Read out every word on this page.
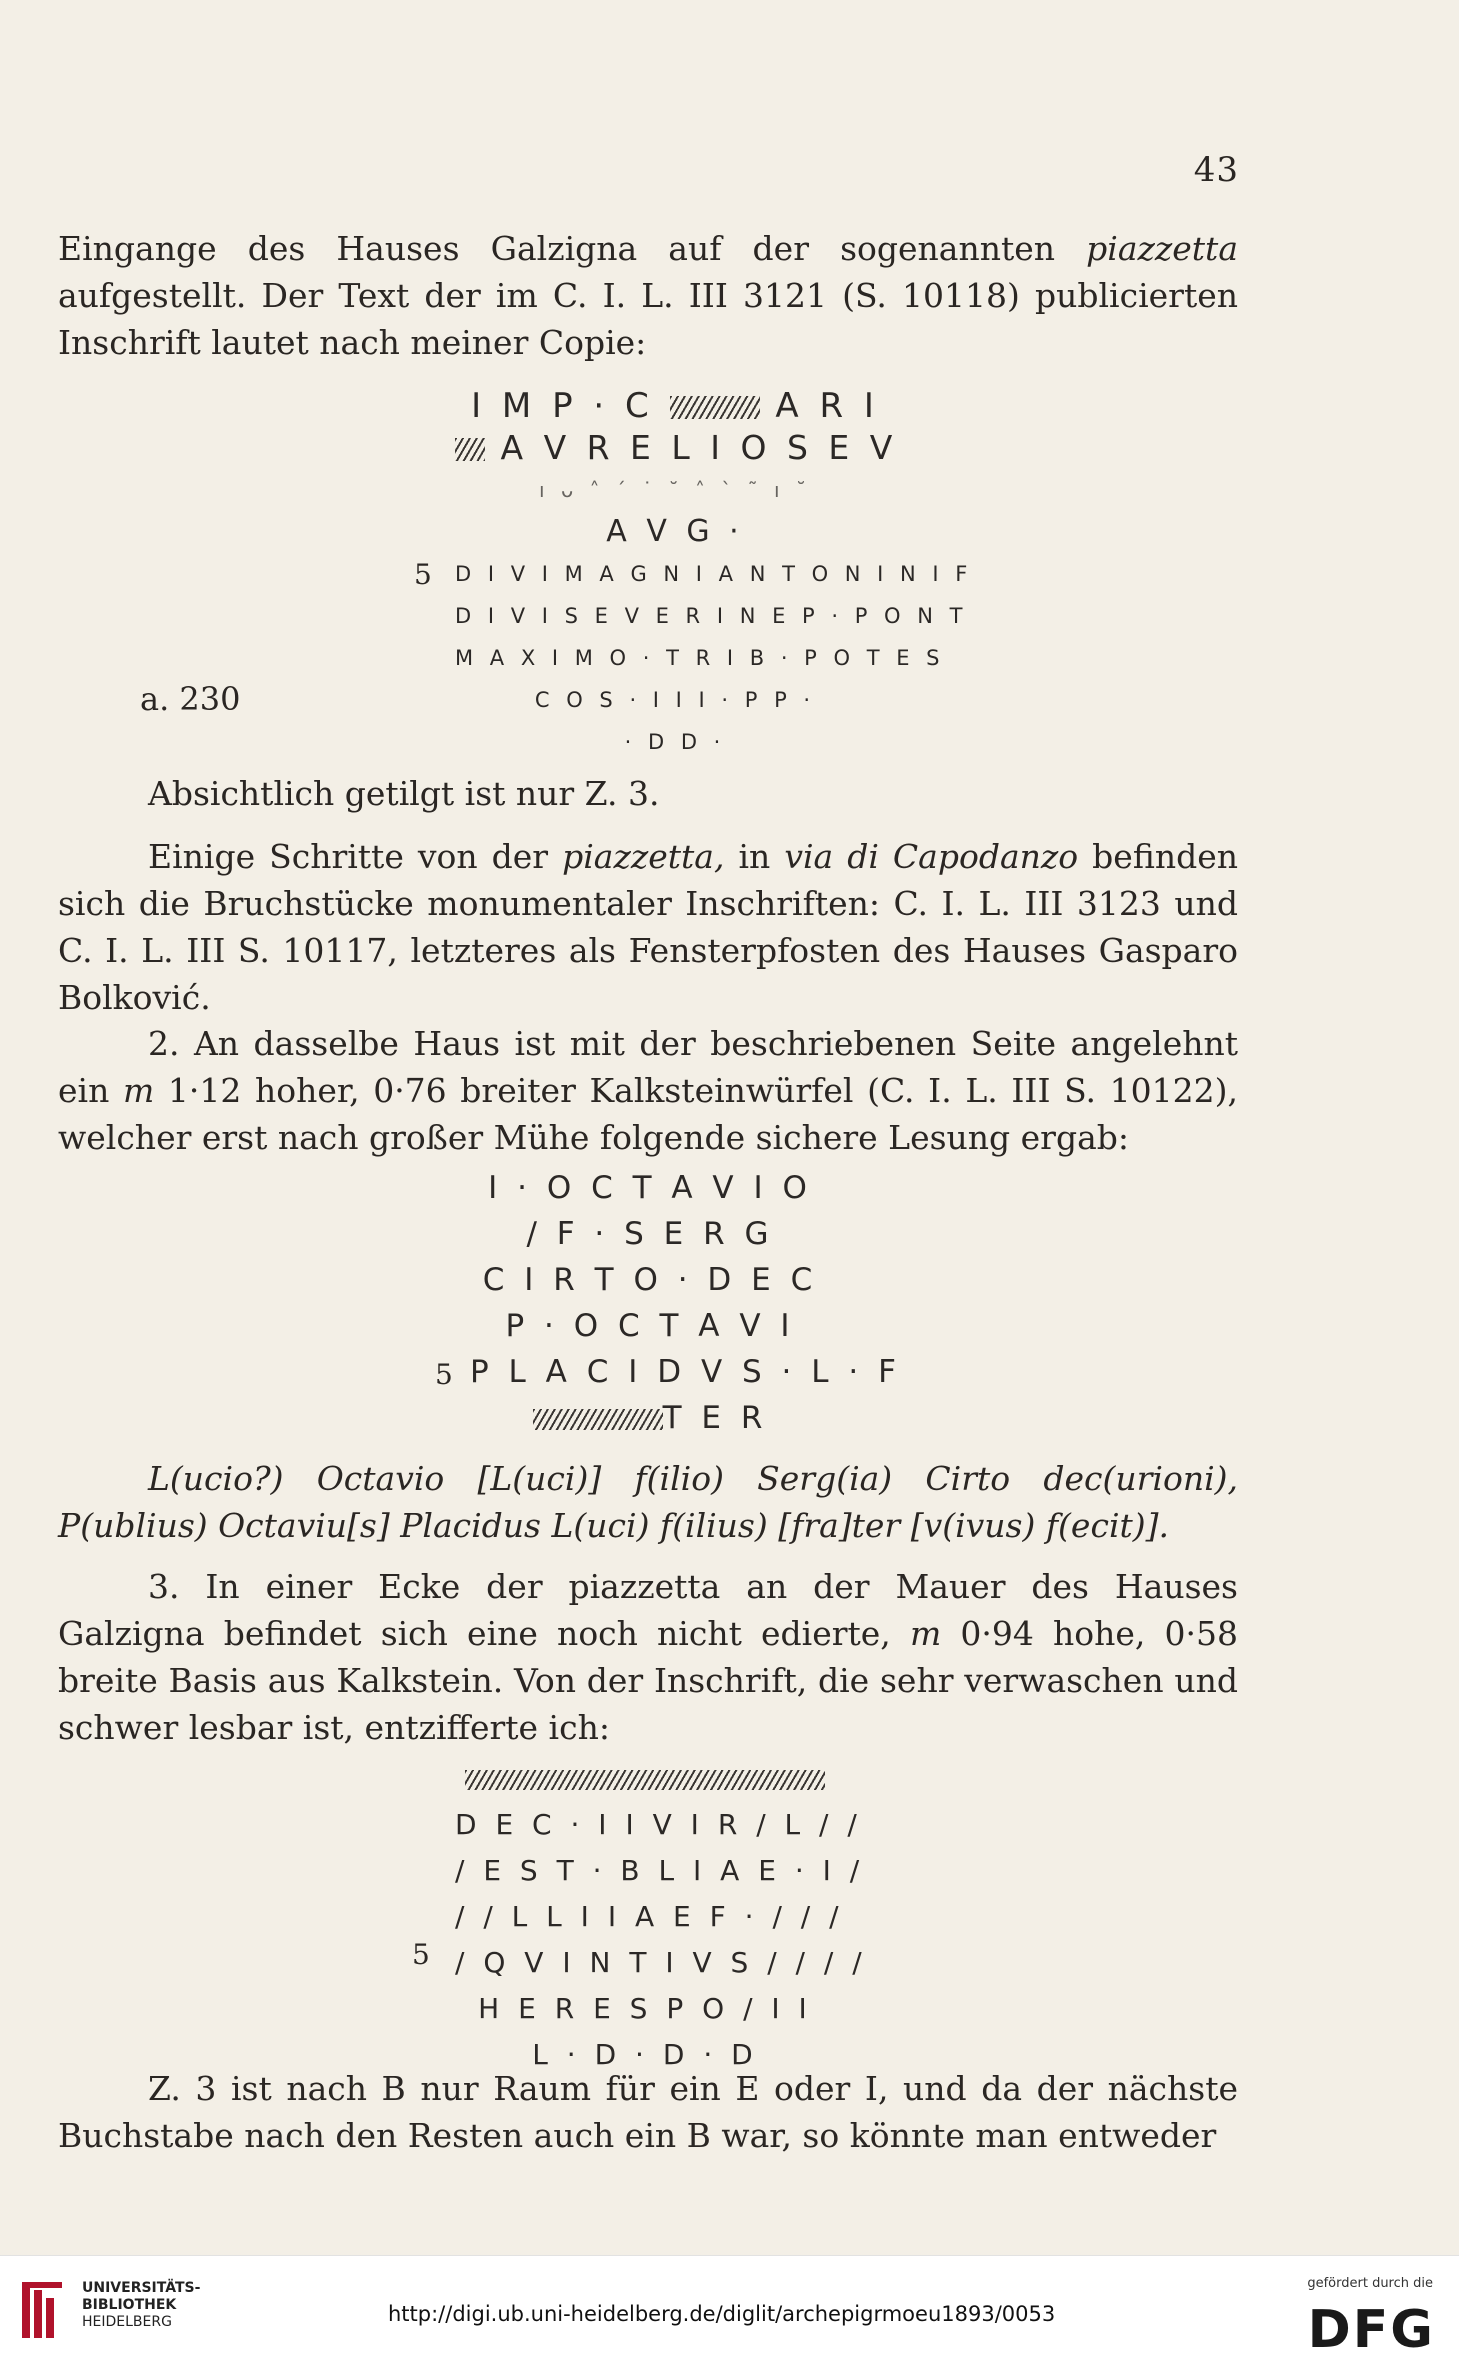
43

Eingange des Hauses Galzigna auf der sogenannten piazzetta aufgestellt. Der Text der im C. I. L. III 3121 (S. 10118) publicierten Inschrift lautet nach meiner Copie:

I M P · C	A R I
A V R E L I O S E V
ı ᴗ ˄ ˊ ˙ ˘ ˄ ˋ ˜ ı ˘
A V G ·
D I V I M A G N I A N T O N I N I F
D I V I S E V E R I N E P · P O N T
M A X I M O · T R I B · P O T E S
C O S · I I I · P P ·
· D D ·
5
a. 230

Absichtlich getilgt ist nur Z. 3.

Einige Schritte von der piazzetta, in via di Capodanzo befinden sich die Bruchstücke monumentaler Inschriften: C. I. L. III 3123 und C. I. L. III S. 10117, letzteres als Fensterpfosten des Hauses Gasparo Bolković.

2. An dasselbe Haus ist mit der beschriebenen Seite angelehnt ein m 1·12 hoher, 0·76 breiter Kalksteinwürfel (C. I. L. III S. 10122), welcher erst nach großer Mühe folgende sichere Lesung ergab:

I · O C T A V I O
/ F · S E R G
C I R T O · D E C
P · O C T A V I
P L A C I D V S · L · F
T E R
5

L(ucio?) Octavio [L(uci)] f(ilio) Serg(ia) Cirto dec(urioni), P(ublius) Octaviu[s] Placidus L(uci) f(ilius) [fra]ter [v(ivus) f(ecit)].

3. In einer Ecke der piazzetta an der Mauer des Hauses Galzigna befindet sich eine noch nicht edierte, m 0·94 hohe, 0·58 breite Basis aus Kalkstein. Von der Inschrift, die sehr verwaschen und schwer lesbar ist, entzifferte ich:

D E C · I I V I R / L / /
/ E S T · B L I A E · I /
/ / L L I I A E F · / / /
/ Q V I N T I V S / / / /
H E R E S P O / I I
L · D · D · D
5

Z. 3 ist nach B nur Raum für ein E oder I, und da der nächste Buchstabe nach den Resten auch ein B war, so könnte man entweder

UNIVERSITÄTS-
BIBLIOTHEK
HEIDELBERG	http://digi.ub.uni-heidelberg.de/diglit/archepigrmoeu1893/0053
gefördert durch die
DFG
